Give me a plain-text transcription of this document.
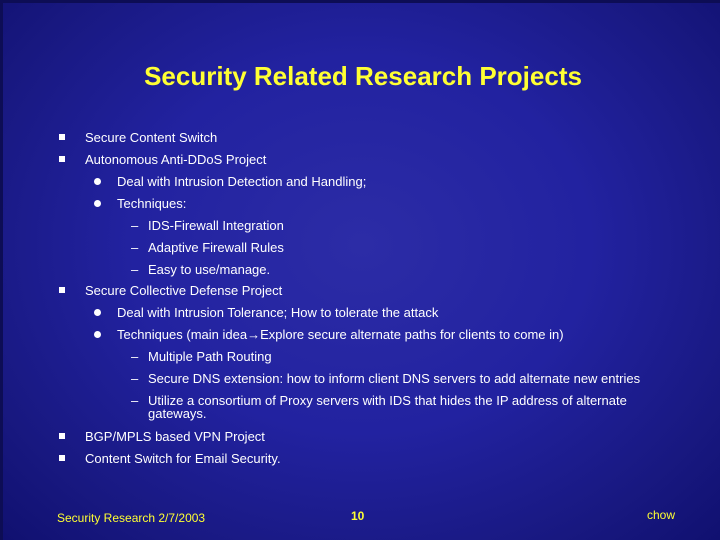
Security Related Research Projects
Secure Content Switch
Autonomous Anti-DDoS Project
Deal with Intrusion Detection and Handling;
Techniques:
– IDS-Firewall Integration
– Adaptive Firewall Rules
– Easy to use/manage.
Secure Collective Defense Project
Deal with Intrusion Tolerance; How to tolerate the attack
Techniques (main idea→Explore secure alternate paths for clients to come in)
– Multiple Path Routing
– Secure DNS extension: how to inform client DNS servers to add alternate new entries
– Utilize a consortium of Proxy servers with IDS that hides the IP address of alternate gateways.
BGP/MPLS based VPN Project
Content Switch for Email Security.
Security Research 2/7/2003	10	chow
